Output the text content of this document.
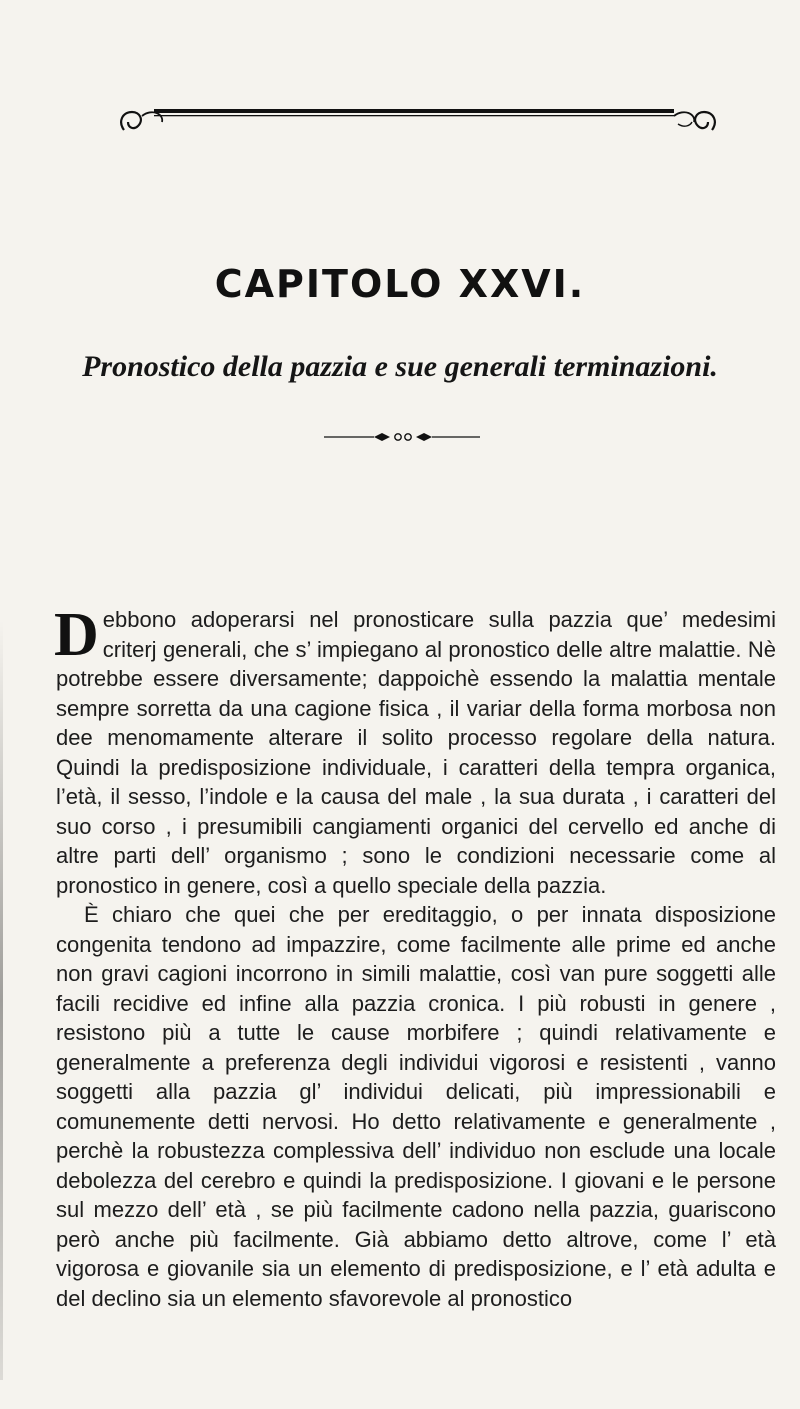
CAPITOLO XXVI.
Pronostico della pazzia e sue generali terminazioni.

Debbono adoperarsi nel pronosticare sulla pazzia que’ medesimi criterj generali, che s’ impiegano al pronostico delle altre malattie. Nè potrebbe essere diversamente; dappoichè essendo la malattia mentale sempre sorretta da una cagione fisica , il variar della forma morbosa non dee menomamente alterare il solito processo regolare della natura. Quindi la predisposizione individuale, i caratteri della tempra organica, l’età, il sesso, l’indole e la causa del male , la sua durata , i caratteri del suo corso , i presumibili cangiamenti organici del cervello ed anche di altre parti dell’ organismo ; sono le condizioni necessarie come al pronostico in genere, così a quello speciale della pazzia.

È chiaro che quei che per ereditaggio, o per innata disposizione congenita tendono ad impazzire, come facilmente alle prime ed anche non gravi cagioni incorrono in simili malattie, così van pure soggetti alle facili recidive ed infine alla pazzia cronica. I più robusti in genere , resistono più a tutte le cause morbifere ; quindi relativamente e generalmente a preferenza degli individui vigorosi e resistenti , vanno soggetti alla pazzia gl’ individui delicati, più impressionabili e comunemente detti nervosi. Ho detto relativamente e generalmente , perchè la robustezza complessiva dell’ individuo non esclude una locale debolezza del cerebro e quindi la predisposizione. I giovani e le persone sul mezzo dell’ età , se più facilmente cadono nella pazzia, guariscono però anche più facilmente. Già abbiamo detto altrove, come l’ età vigorosa e giovanile sia un elemento di predisposizione, e l’ età adulta e del declino sia un elemento sfavorevole al pronostico
